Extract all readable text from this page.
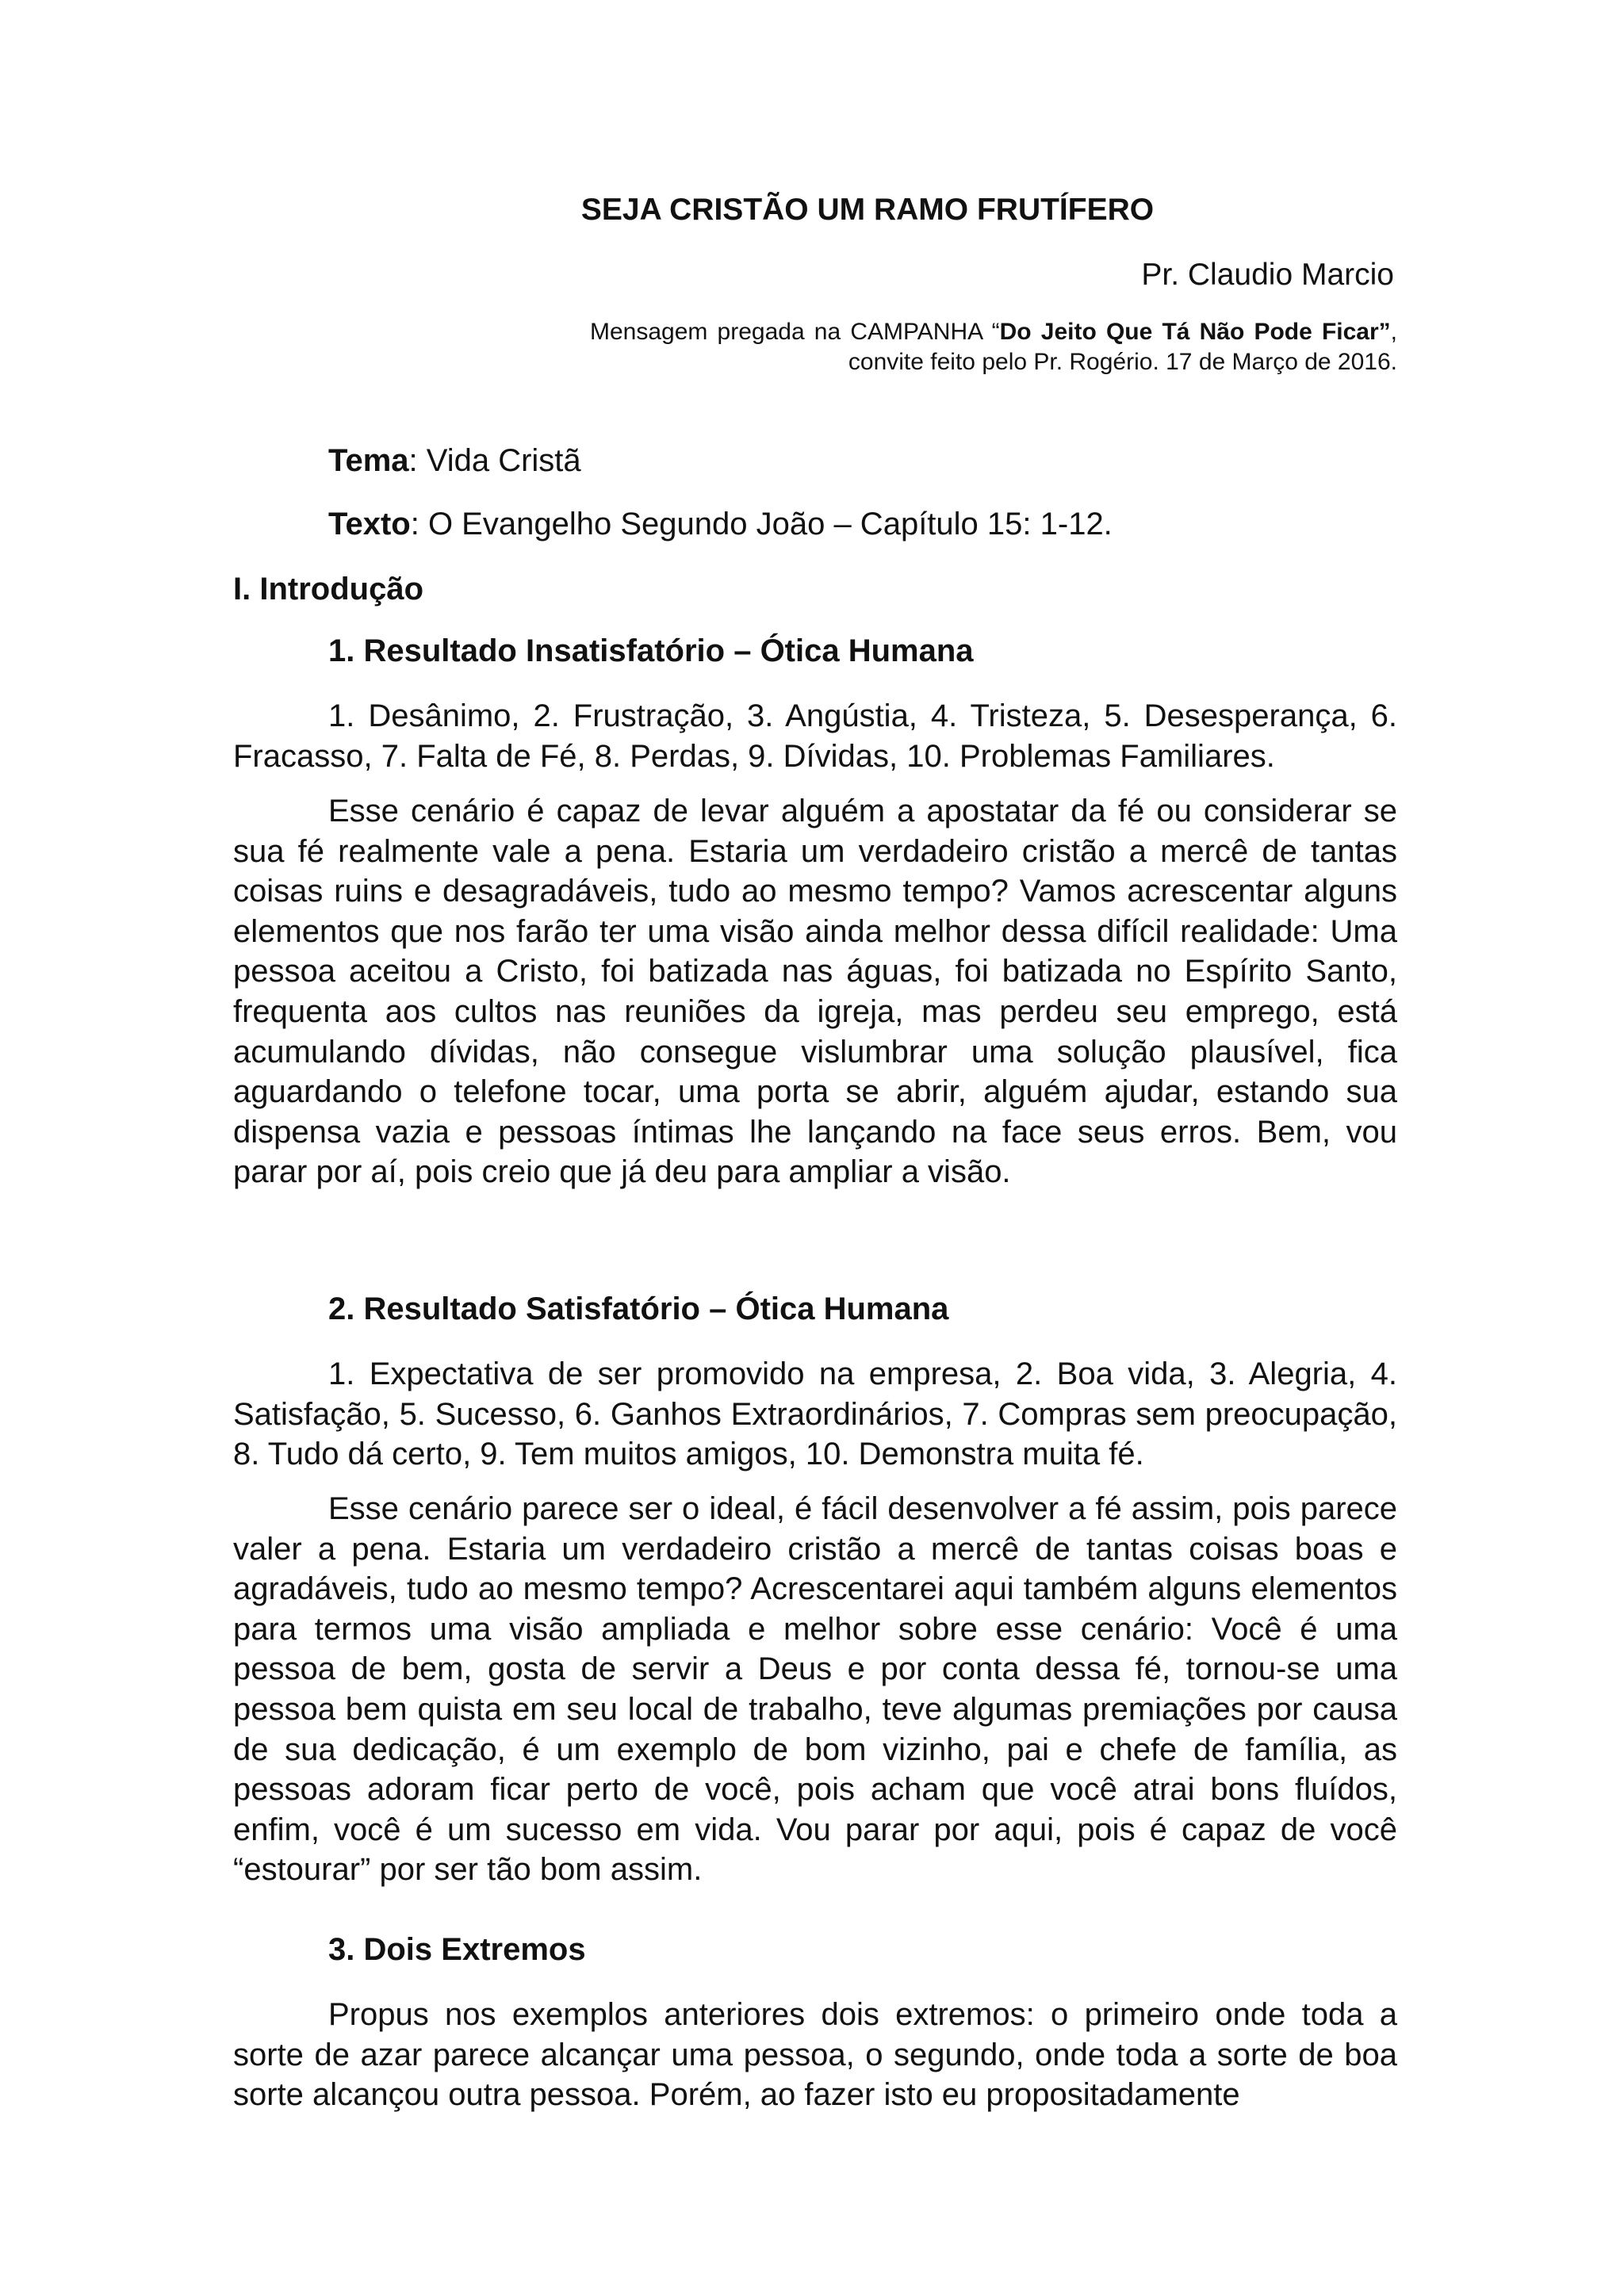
SEJA CRISTÃO UM RAMO FRUTÍFERO

Pr. Claudio Marcio

Mensagem pregada na CAMPANHA “Do Jeito Que Tá Não Pode Ficar”, convite feito pelo Pr. Rogério. 17 de Março de 2016.

Tema: Vida Cristã

Texto: O Evangelho Segundo João – Capítulo 15: 1-12.

I. Introdução
1. Resultado Insatisfatório – Ótica Humana

1. Desânimo, 2. Frustração, 3. Angústia, 4. Tristeza, 5. Desesperança, 6. Fracasso, 7. Falta de Fé, 8. Perdas, 9. Dívidas, 10. Problemas Familiares.

Esse cenário é capaz de levar alguém a apostatar da fé ou considerar se sua fé realmente vale a pena. Estaria um verdadeiro cristão a mercê de tantas coisas ruins e desagradáveis, tudo ao mesmo tempo? Vamos acrescentar alguns elementos que nos farão ter uma visão ainda melhor dessa difícil realidade: Uma pessoa aceitou a Cristo, foi batizada nas águas, foi batizada no Espírito Santo, frequenta aos cultos nas reuniões da igreja, mas perdeu seu emprego, está acumulando dívidas, não consegue vislumbrar uma solução plausível, fica aguardando o telefone tocar, uma porta se abrir, alguém ajudar, estando sua dispensa vazia e pessoas íntimas lhe lançando na face seus erros. Bem, vou parar por aí, pois creio que já deu para ampliar a visão.

2. Resultado Satisfatório – Ótica Humana

1. Expectativa de ser promovido na empresa, 2. Boa vida, 3. Alegria, 4. Satisfação, 5. Sucesso, 6. Ganhos Extraordinários, 7. Compras sem preocupação, 8. Tudo dá certo, 9. Tem muitos amigos, 10. Demonstra muita fé.

Esse cenário parece ser o ideal, é fácil desenvolver a fé assim, pois parece valer a pena. Estaria um verdadeiro cristão a mercê de tantas coisas boas e agradáveis, tudo ao mesmo tempo? Acrescentarei aqui também alguns elementos para termos uma visão ampliada e melhor sobre esse cenário: Você é uma pessoa de bem, gosta de servir a Deus e por conta dessa fé, tornou-se uma pessoa bem quista em seu local de trabalho, teve algumas premiações por causa de sua dedicação, é um exemplo de bom vizinho, pai e chefe de família, as pessoas adoram ficar perto de você, pois acham que você atrai bons fluídos, enfim, você é um sucesso em vida. Vou parar por aqui, pois é capaz de você “estourar” por ser tão bom assim.

3. Dois Extremos

Propus nos exemplos anteriores dois extremos: o primeiro onde toda a sorte de azar parece alcançar uma pessoa, o segundo, onde toda a sorte de boa sorte alcançou outra pessoa. Porém, ao fazer isto eu propositadamente
